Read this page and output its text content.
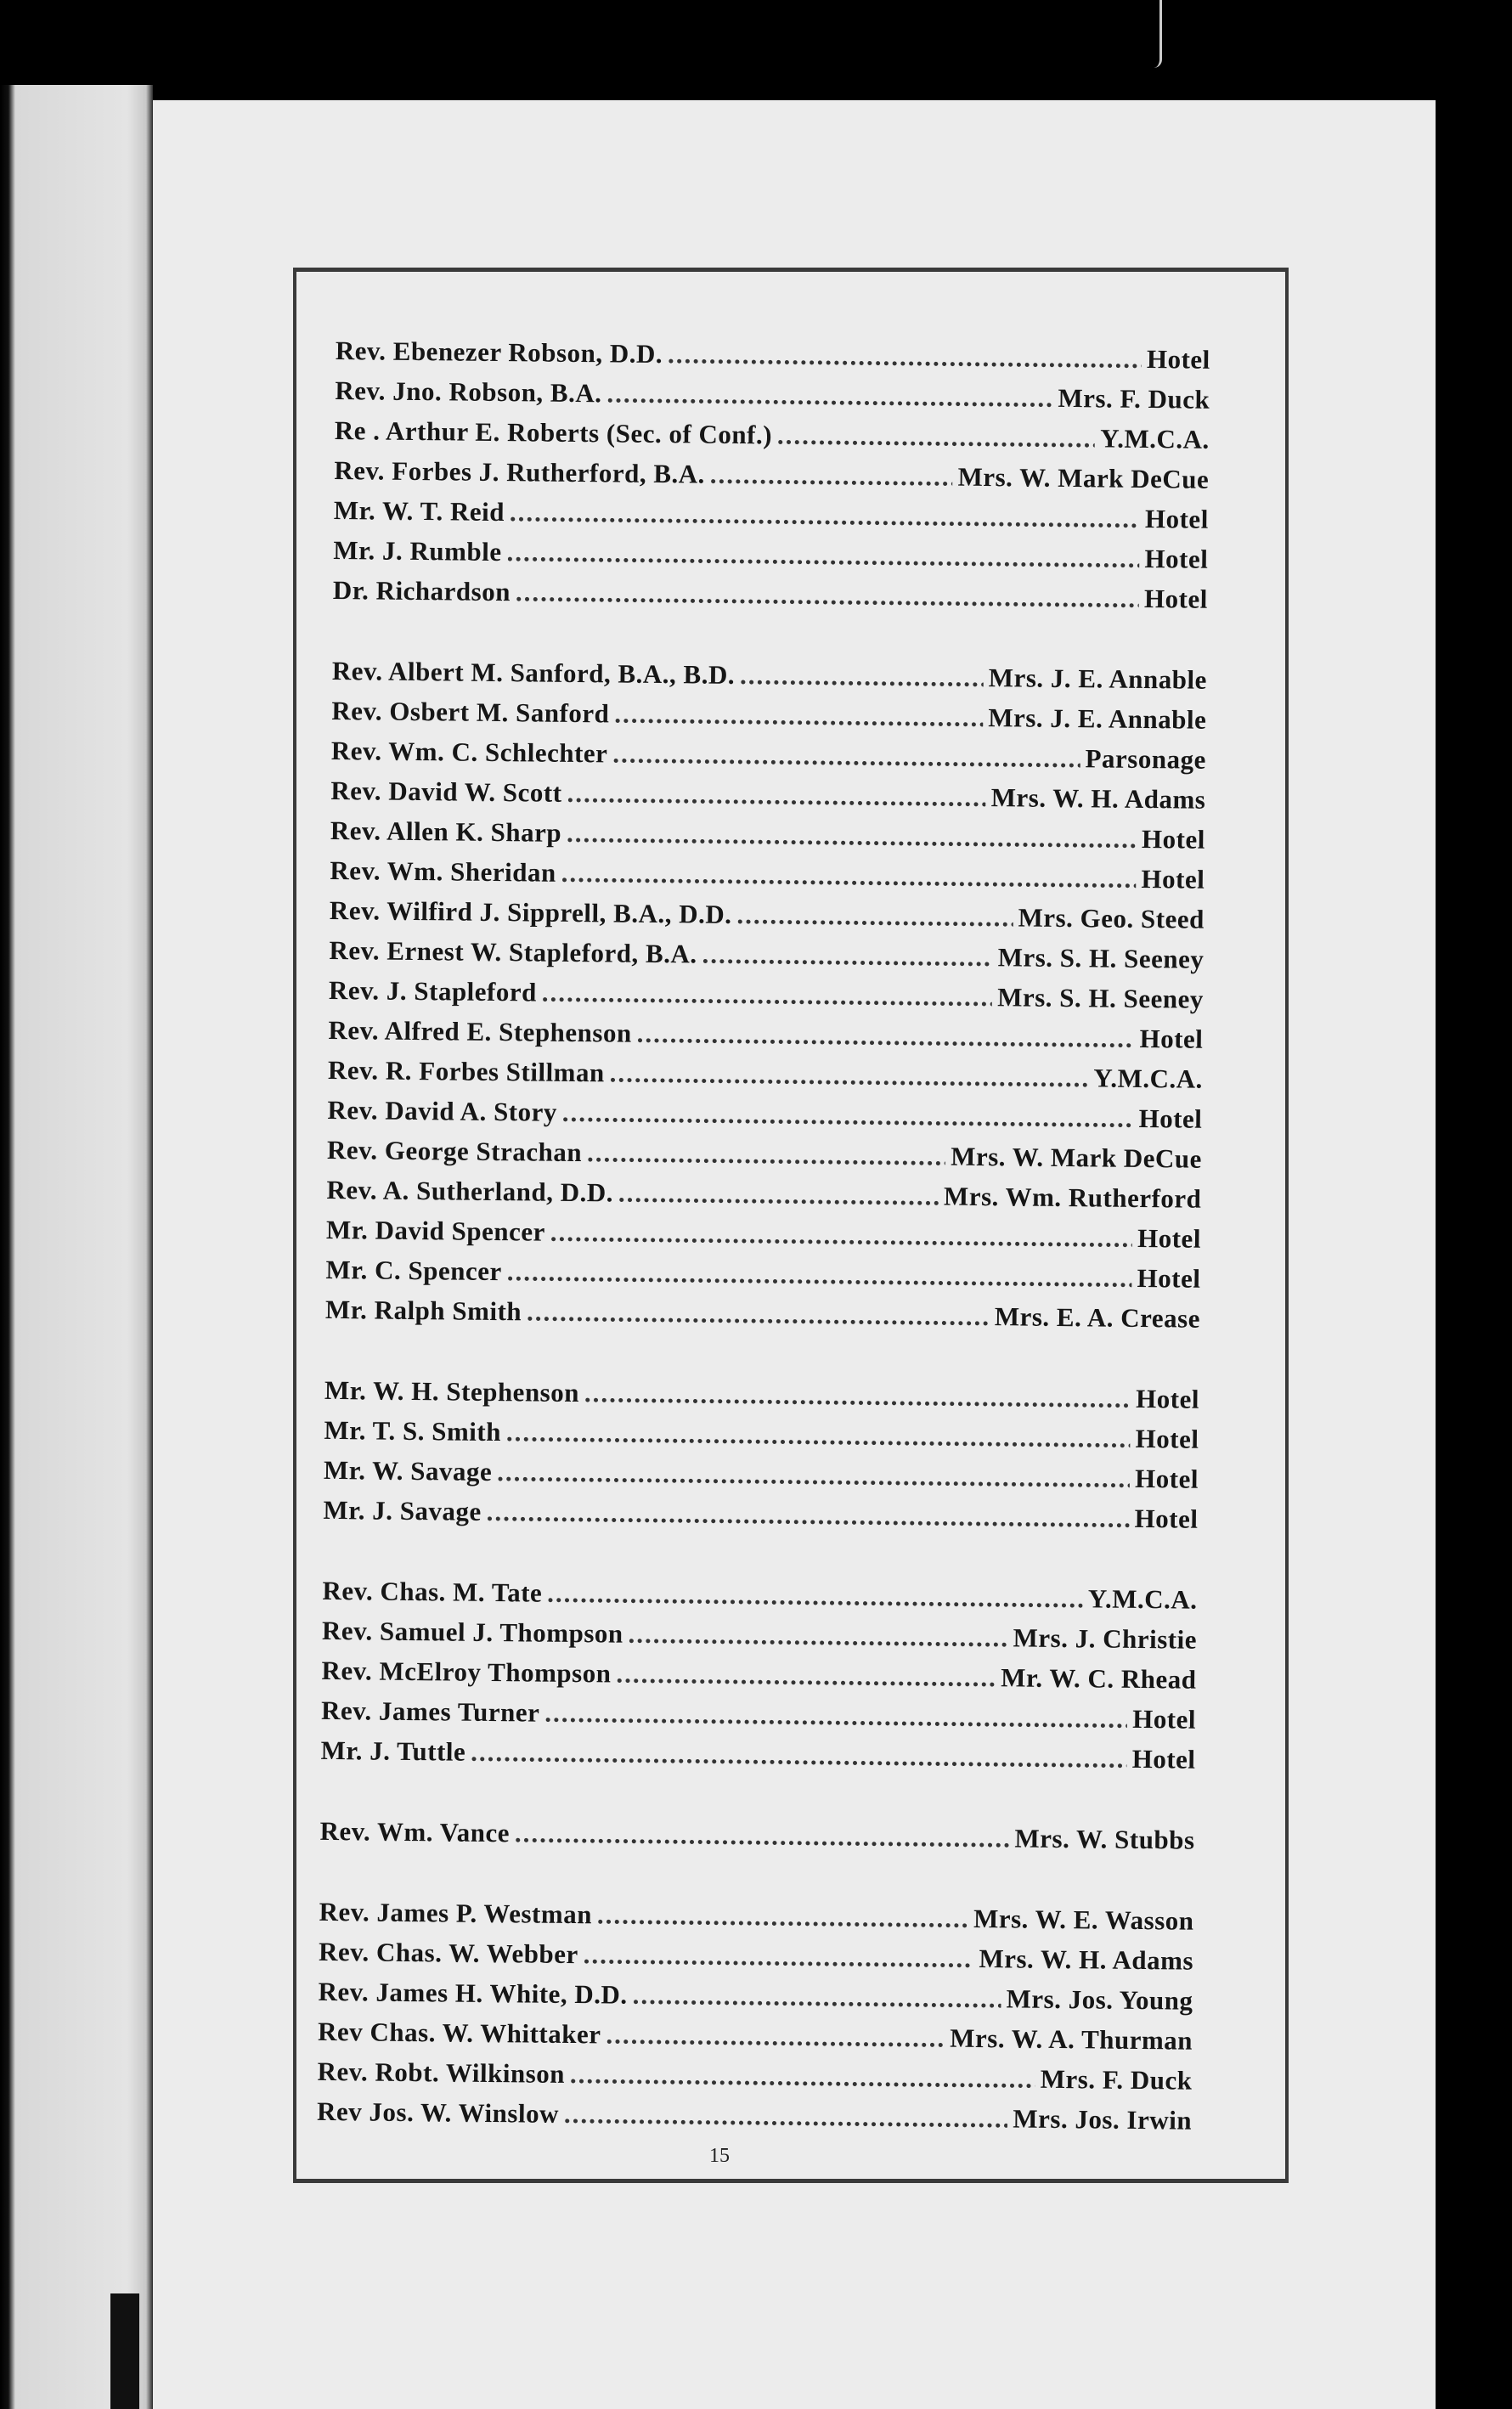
Rev. Ebenezer Robson, D.D. .....	Hotel
Rev. Jno. Robson, B.A. .....	Mrs. F. Duck
Re . Arthur E. Roberts (Sec. of Conf.) .....	Y.M.C.A.
Rev. Forbes J. Rutherford, B.A. .....	Mrs. W. Mark DeCue
Mr. W. T. Reid .....	Hotel
Mr. J. Rumble .....	Hotel
Dr. Richardson .....	Hotel
Rev. Albert M. Sanford, B.A., B.D. .....	Mrs. J. E. Annable
Rev. Osbert M. Sanford .....	Mrs. J. E. Annable
Rev. Wm. C. Schlechter .....	Parsonage
Rev. David W. Scott .....	Mrs. W. H. Adams
Rev. Allen K. Sharp .....	Hotel
Rev. Wm. Sheridan .....	Hotel
Rev. Wilfird J. Sipprell, B.A., D.D. .....	Mrs. Geo. Steed
Rev. Ernest W. Stapleford, B.A. .....	Mrs. S. H. Seeney
Rev. J. Stapleford .....	Mrs. S. H. Seeney
Rev. Alfred E. Stephenson .....	Hotel
Rev. R. Forbes Stillman .....	Y.M.C.A.
Rev. David A. Story .....	Hotel
Rev. George Strachan .....	Mrs. W. Mark DeCue
Rev. A. Sutherland, D.D. .....	Mrs. Wm. Rutherford
Mr. David Spencer .....	Hotel
Mr. C. Spencer .....	Hotel
Mr. Ralph Smith .....	Mrs. E. A. Crease
Mr. W. H. Stephenson .....	Hotel
Mr. T. S. Smith .....	Hotel
Mr. W. Savage .....	Hotel
Mr. J. Savage .....	Hotel
Rev. Chas. M. Tate .....	Y.M.C.A.
Rev. Samuel J. Thompson .....	Mrs. J. Christie
Rev. McElroy Thompson .....	Mr. W. C. Rhead
Rev. James Turner .....	Hotel
Mr. J. Tuttle .....	Hotel
Rev. Wm. Vance .....	Mrs. W. Stubbs
Rev. James P. Westman .....	Mrs. W. E. Wasson
Rev. Chas. W. Webber .....	Mrs. W. H. Adams
Rev. James H. White, D.D. .....	Mrs. Jos. Young
Rev Chas. W. Whittaker .....	Mrs. W. A. Thurman
Rev. Robt. Wilkinson .....	Mrs. F. Duck
Rev Jos. W. Winslow .....	Mrs. Jos. Irwin
15
